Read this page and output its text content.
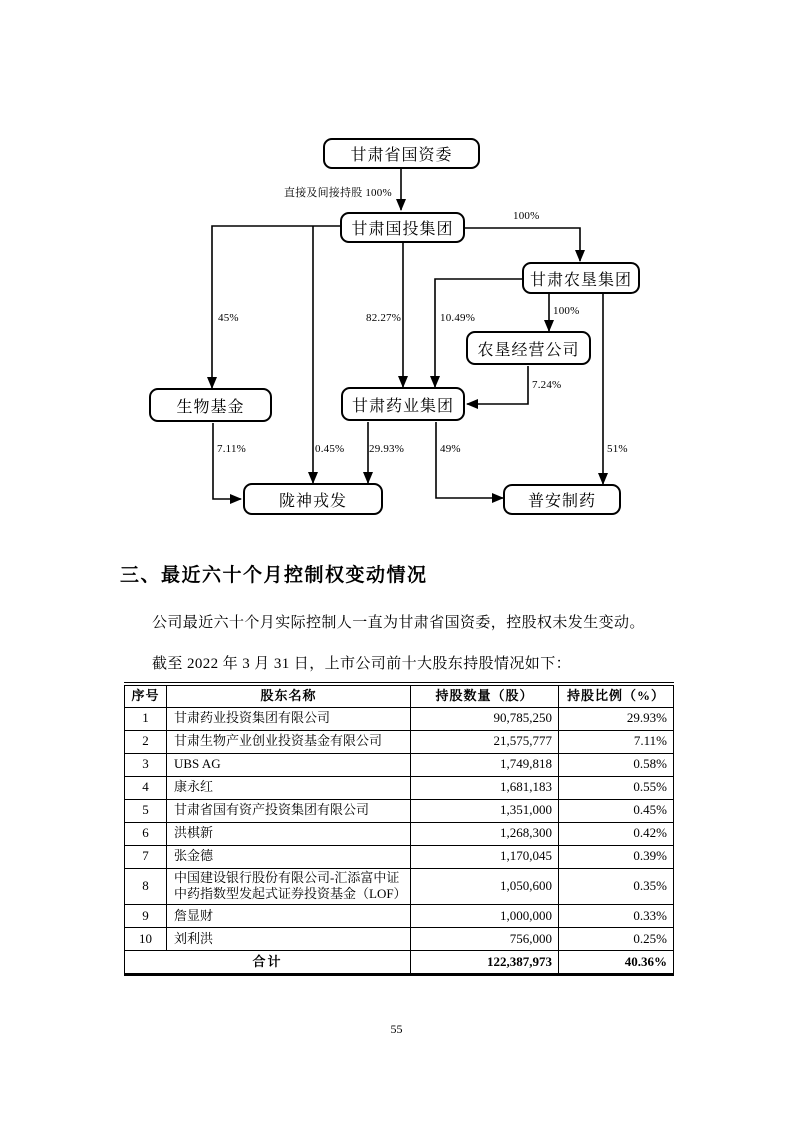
甘肃省国资委
甘肃国投集团
甘肃农垦集团
农垦经营公司
生物基金	甘肃药业集团
陇神戎发	普安制药
直接及间接持股 100%
100%
45%
0.45%
82.27%	10.49%
100%
7.24%
7.11%	29.93%	49%	51%
三、最近六十个月控制权变动情况

公司最近六十个月实际控制人一直为甘肃省国资委，控股权未发生变动。

截至 2022 年 3 月 31 日，上市公司前十大股东持股情况如下：

序号	股东名称	持股数量（股）	持股比例（%）
1	甘肃药业投资集团有限公司	90,785,250	29.93%
2	甘肃生物产业创业投资基金有限公司	21,575,777	7.11%
3	UBS AG	1,749,818	0.58%
4	康永红	1,681,183	0.55%
5	甘肃省国有资产投资集团有限公司	1,351,000	0.45%
6	洪棋新	1,268,300	0.42%
7	张金德	1,170,045	0.39%
8	中国建设银行股份有限公司-汇添富中证中药指数型发起式证券投资基金（LOF）	1,050,600	0.35%
9	詹显财	1,000,000	0.33%
10	刘利洪	756,000	0.25%
合计		122,387,973	40.36%
55
